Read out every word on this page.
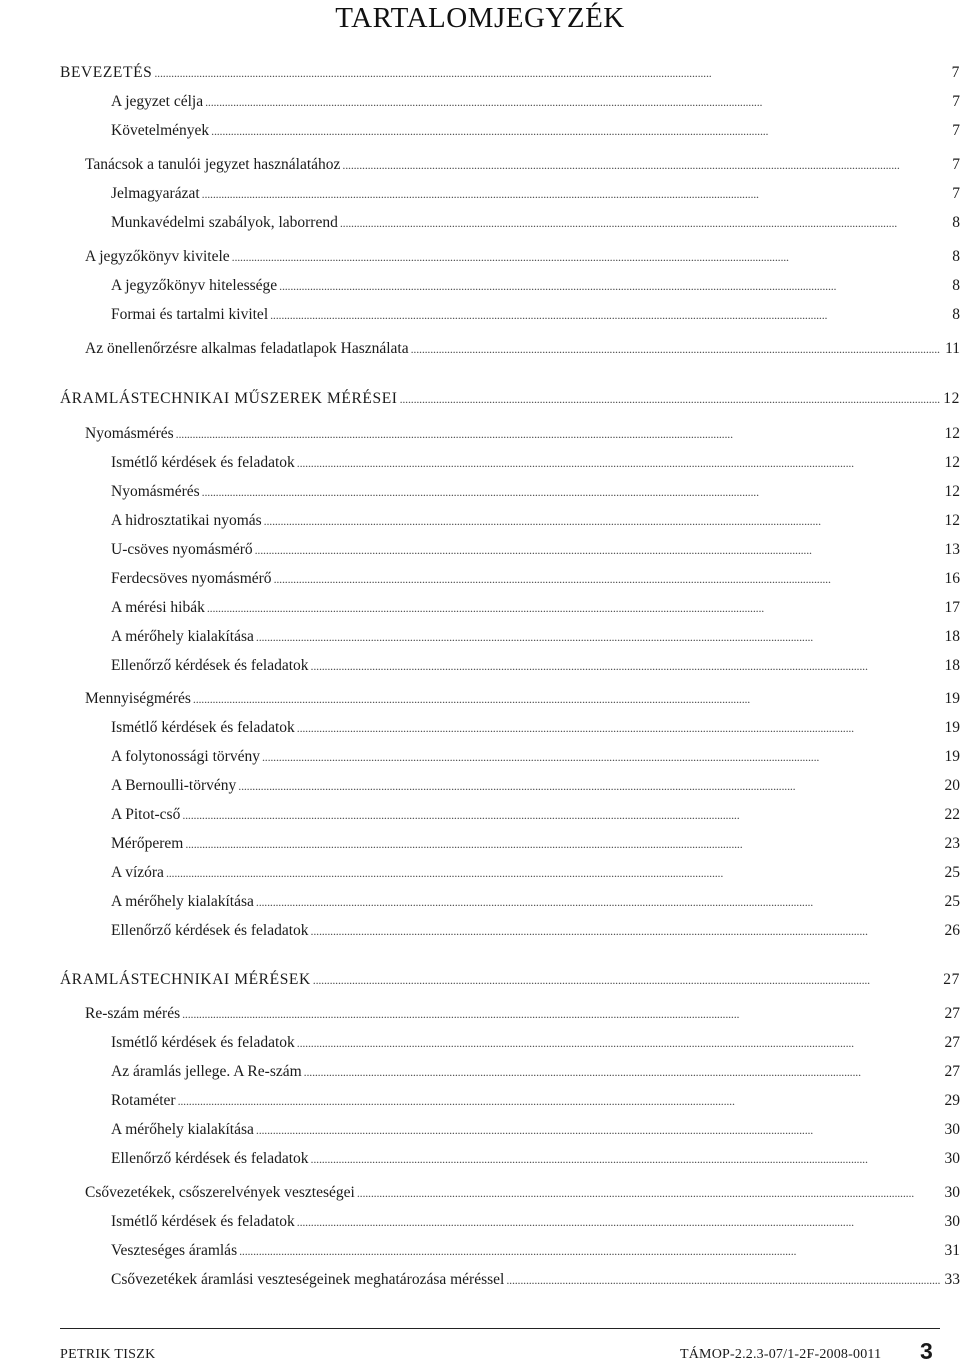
TARTALOMJEGYZÉK
BEVEZETÉS . . .	7
A jegyzet célja . . .	7
Követelmények . . .	7
Tanácsok a tanulói jegyzet használatához . . .	7
Jelmagyarázat . . .	7
Munkavédelmi szabályok, laborrend . . .	8
A jegyzőkönyv kivitele . . .	8
A jegyzőkönyv hitelessége . . .	8
Formai és tartalmi kivitel . . .	8
Az önellenőrzésre alkalmas feladatlapok Használata . . .	11
ÁRAMLÁSTECHNIKAI MŰSZEREK MÉRÉSEI . . .	12
Nyomásmérés . . .	12
Ismétlő kérdések és feladatok . . .	12
Nyomásmérés . . .	12
A hidrosztatikai nyomás . . .	12
U-csöves nyomásmérő . . .	13
Ferdecsöves nyomásmérő . . .	16
A mérési hibák . . .	17
A mérőhely kialakítása . . .	18
Ellenőrző kérdések és feladatok . . .	18
Mennyiségmérés . . .	19
Ismétlő kérdések és feladatok . . .	19
A folytonossági törvény . . .	19
A Bernoulli-törvény . . .	20
A Pitot-cső . . .	22
Mérőperem . . .	23
A vízóra . . .	25
A mérőhely kialakítása . . .	25
Ellenőrző kérdések és feladatok . . .	26
ÁRAMLÁSTECHNIKAI MÉRÉSEK . . .	27
Re-szám mérés . . .	27
Ismétlő kérdések és feladatok . . .	27
Az áramlás jellege. A Re-szám . . .	27
Rotaméter . . .	29
A mérőhely kialakítása . . .	30
Ellenőrző kérdések és feladatok . . .	30
Csővezetékek, csőszerelvények veszteségei . . .	30
Ismétlő kérdések és feladatok . . .	30
Veszteséges áramlás . . .	31
Csővezetékek áramlási veszteségeinek meghatározása méréssel . . .	33
PETRIK TISZK	TÁMOP-2.2.3-07/1-2F-2008-0011 3
